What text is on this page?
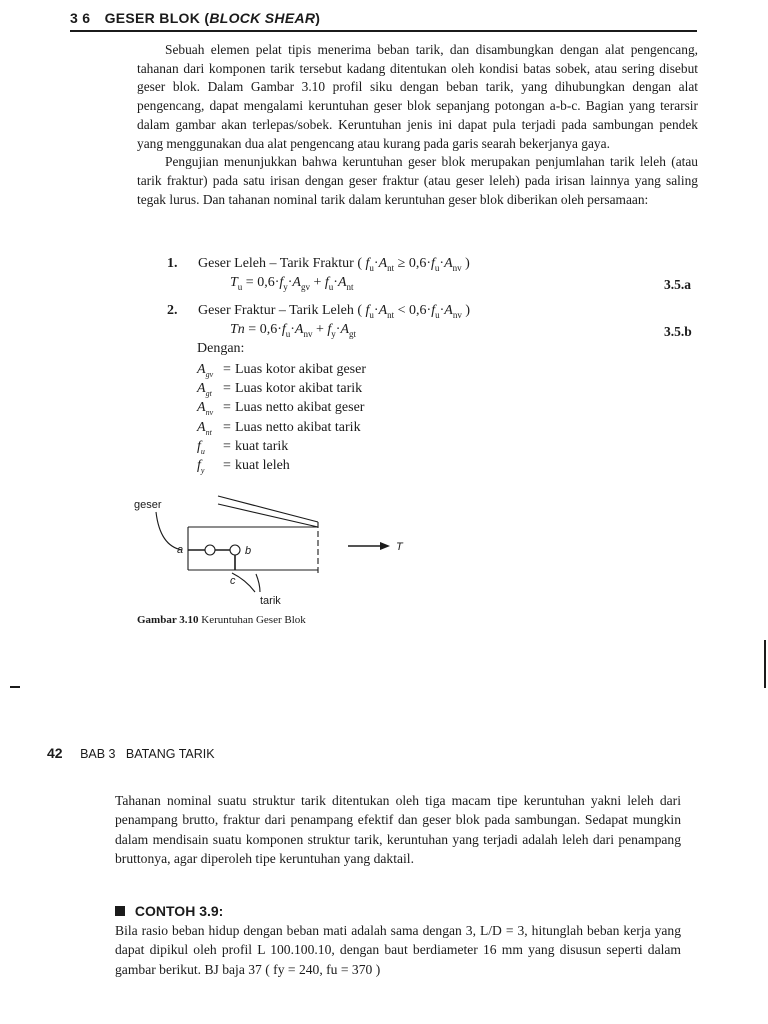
3 6 GESER BLOK (BLOCK SHEAR)

Sebuah elemen pelat tipis menerima beban tarik, dan disambungkan dengan alat pengencang, tahanan dari komponen tarik tersebut kadang ditentukan oleh kondisi batas sobek, atau sering disebut geser blok. Dalam Gambar 3.10 profil siku dengan beban tarik, yang dihubungkan dengan alat pengencang, dapat mengalami keruntuhan geser blok sepanjang potongan a-b-c. Bagian yang terarsir dalam gambar akan terlepas/sobek. Keruntuhan jenis ini dapat pula terjadi pada sambungan pendek yang menggunakan dua alat pengencang atau kurang pada garis searah bekerjanya gaya.

Pengujian menunjukkan bahwa keruntuhan geser blok merupakan penjumlahan tarik leleh (atau tarik fraktur) pada satu irisan dengan geser fraktur (atau geser leleh) pada irisan lainnya yang saling tegak lurus. Dan tahanan nominal tarik dalam keruntuhan geser blok diberikan oleh persamaan:

1. Geser Leleh – Tarik Fraktur ( $f_u\cdot A_{nt} \ge 0,6\cdot f_u\cdot A_{nv}$ )
$T_u = 0,6\cdot f_y\cdot A_{gv} + f_u\cdot A_{nt}$	3.5.a
2. Geser Fraktur – Tarik Leleh ( $f_u\cdot A_{nt} < 0,6\cdot f_u\cdot A_{nv}$ )
$Tn = 0,6\cdot f_u\cdot A_{nv} + f_y\cdot A_{gt}$	3.5.b
Dengan:
$A_{gv}$ = Luas kotor akibat geser
$A_{gt}$ = Luas kotor akibat tarik
$A_{nv}$ = Luas netto akibat geser
$A_{nt}$ = Luas netto akibat tarik
$f_u$	= kuat tarik
$f_y$	= kuat leleh
geser
a	b
c
tarik
T
Gambar 3.10 Keruntuhan Geser Blok
42 BAB 3   BATANG TARIK

Tahanan nominal suatu struktur tarik ditentukan oleh tiga macam tipe keruntuhan yakni leleh dari penampang brutto, fraktur dari penampang efektif dan geser blok pada sambungan. Sedapat mungkin dalam mendisain suatu komponen struktur tarik, keruntuhan yang terjadi adalah leleh dari penampang bruttonya, agar diperoleh tipe keruntuhan yang daktail.

CONTOH 3.9:

Bila rasio beban hidup dengan beban mati adalah sama dengan 3, L/D = 3, hitunglah beban kerja yang dapat dipikul oleh profil L 100.100.10, dengan baut berdiameter 16 mm yang disusun seperti dalam gambar berikut. BJ baja 37 ( fy = 240, fu = 370 )
